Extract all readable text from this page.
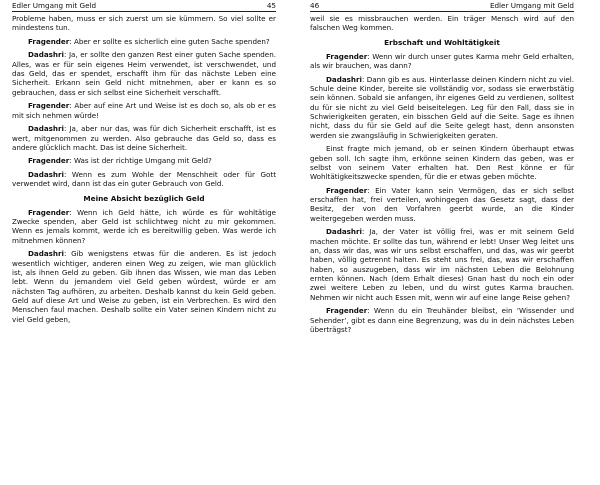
Edler Umgang mit Geld	45
Probleme haben, muss er sich zuerst um sie kümmern. So viel sollte er mindestens tun.
Fragender: Aber er sollte es sicherlich eine guten Sache spenden?
Dadashri: Ja, er sollte den ganzen Rest einer guten Sache spenden. Alles, was er für sein eigenes Heim verwendet, ist verschwendet, und das Geld, das er spendet, erschafft ihm für das nächste Leben eine Sicherheit. Erkann sein Geld nicht mitnehmen, aber er kann es so gebrauchen, dass er sich selbst eine Sicherheit verschafft.
Fragender: Aber auf eine Art und Weise ist es doch so, als ob er es mit sich nehmen würde!
Dadashri: Ja, aber nur das, was für dich Sicherheit erschafft, ist es wert, mitgenommen zu werden. Also gebrauche das Geld so, dass es andere glücklich macht. Das ist deine Sicherheit.
Fragender: Was ist der richtige Umgang mit Geld?
Dadashri: Wenn es zum Wohle der Menschheit oder für Gott verwendet wird, dann ist das ein guter Gebrauch von Geld.
Meine Absicht bezüglich Geld
Fragender: Wenn ich Geld hätte, ich würde es für wohltätige Zwecke spenden, aber Geld ist schlichtweg nicht zu mir gekommen. Wenn es jemals kommt, werde ich es bereitwillig geben. Was werde ich mitnehmen können?
Dadashri: Gib wenigstens etwas für die anderen. Es ist jedoch wesentlich wichtiger, anderen einen Weg zu zeigen, wie man glücklich ist, als ihnen Geld zu geben. Gib ihnen das Wissen, wie man das Leben lebt. Wenn du jemandem viel Geld geben würdest, würde er am nächsten Tag aufhören, zu arbeiten. Deshalb kannst du kein Geld geben. Geld auf diese Art und Weise zu geben, ist ein Verbrechen. Es wird den Menschen faul machen. Deshalb sollte ein Vater seinen Kindern nicht zu viel Geld geben,
46	Edler Umgang mit Geld
weil sie es missbrauchen werden. Ein träger Mensch wird auf den falschen Weg kommen.
Erbschaft und Wohltätigkeit
Fragender: Wenn wir durch unser gutes Karma mehr Geld erhalten, als wir brauchen, was dann?
Dadashri: Dann gib es aus. Hinterlasse deinen Kindern nicht zu viel. Schule deine Kinder, bereite sie vollständig vor, sodass sie erwerbstätig sein können. Sobald sie anfangen, ihr eigenes Geld zu verdienen, solltest du für sie nicht zu viel Geld beiseitelegen. Leg für den Fall, dass sie in Schwierigkeiten geraten, ein bisschen Geld auf die Seite. Sage es ihnen nicht, dass du für sie Geld auf die Seite gelegt hast, denn ansonsten werden sie zwangsläufig in Schwierigkeiten geraten.
Einst fragte mich jemand, ob er seinen Kindern überhaupt etwas geben soll. Ich sagte ihm, erkönne seinen Kindern das geben, was er selbst von seinem Vater erhalten hat. Den Rest könne er für Wohltätigkeitszwecke spenden, für die er etwas geben möchte.
Fragender: Ein Vater kann sein Vermögen, das er sich selbst erschaffen hat, frei verteilen, wohingegen das Gesetz sagt, dass der Besitz, der von den Vorfahren geerbt wurde, an die Kinder weitergegeben werden muss.
Dadashri: Ja, der Vater ist völlig frei, was er mit seinem Geld machen möchte. Er sollte das tun, während er lebt! Unser Weg leitet uns an, dass wir das, was wir uns selbst erschaffen, und das, was wir geerbt haben, völlig getrennt halten. Es steht uns frei, das, was wir erschaffen haben, so auszugeben, dass wir im nächsten Leben die Belohnung ernten können. Nach (dem Erhalt dieses) Gnan hast du noch ein oder zwei weitere Leben zu leben, und du wirst gutes Karma brauchen. Nehmen wir nicht auch Essen mit, wenn wir auf eine lange Reise gehen?
Fragender: Wenn du ein Treuhänder bleibst, ein ‘Wissender und Sehender’, gibt es dann eine Begrenzung, was du in dein nächstes Leben überträgst?
